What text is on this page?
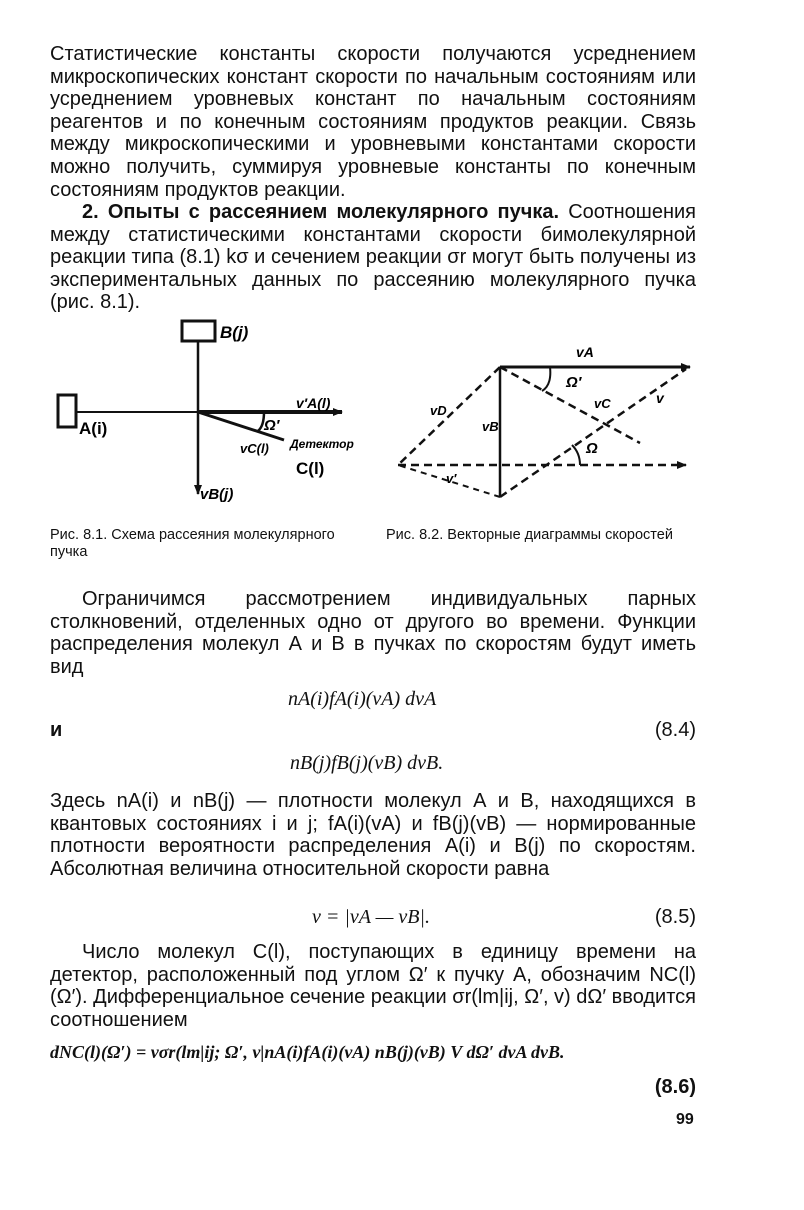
Статистические константы скорости получаются усреднением микроскопических констант скорости по начальным состояниям или усреднением уровневых констант по начальным состояниям реагентов и по конечным состояниям продуктов реакции. Связь между микроскопическими и уровневыми константами скорости можно получить, суммируя уровневые константы по конечным состояниям продуктов реакции.
2. Опыты с рассеянием молекулярного пучка. Соотношения между статистическими константами скорости бимолекулярной реакции типа (8.1) kσ и сечением реакции σr могут быть получены из экспериментальных данных по рассеянию молекулярного пучка (рис. 8.1).
B(j)
A(i)
v′A(l)
Ω′
vC(l) Детектор
C(l)
vB(j)
vA
Ω′
vD	vC	v
vB
Ω
v′
Рис. 8.1. Схема рассеяния молекулярного пучка
Рис. 8.2. Векторные диаграммы скоростей
Ограничимся рассмотрением индивидуальных парных столкновений, отделенных одно от другого во времени. Функции распределения молекул А и В в пучках по скоростям будут иметь вид
nA(i)fA(i)(vA) dvA
и	(8.4)
nB(j)fB(j)(vB) dvB.
Здесь nA(i) и nB(j) — плотности молекул А и В, находящихся в квантовых состояниях i и j; fA(i)(vA) и fB(j)(vB) — нормированные плотности вероятности распределения A(i) и B(j) по скоростям. Абсолютная величина относительной скорости равна
v = |vA — vB|.	(8.5)
Число молекул C(l), поступающих в единицу времени на детектор, расположенный под углом Ω′ к пучку А, обозначим NC(l)(Ω′). Дифференциальное сечение реакции σr(lm|ij, Ω′, v) dΩ′ вводится соотношением
dNC(l)(Ω′) = vσr(lm|ij; Ω′, v|nA(i)fA(i)(vA) nB(j)(vB) V dΩ′ dvA dvB.
(8.6)
99
